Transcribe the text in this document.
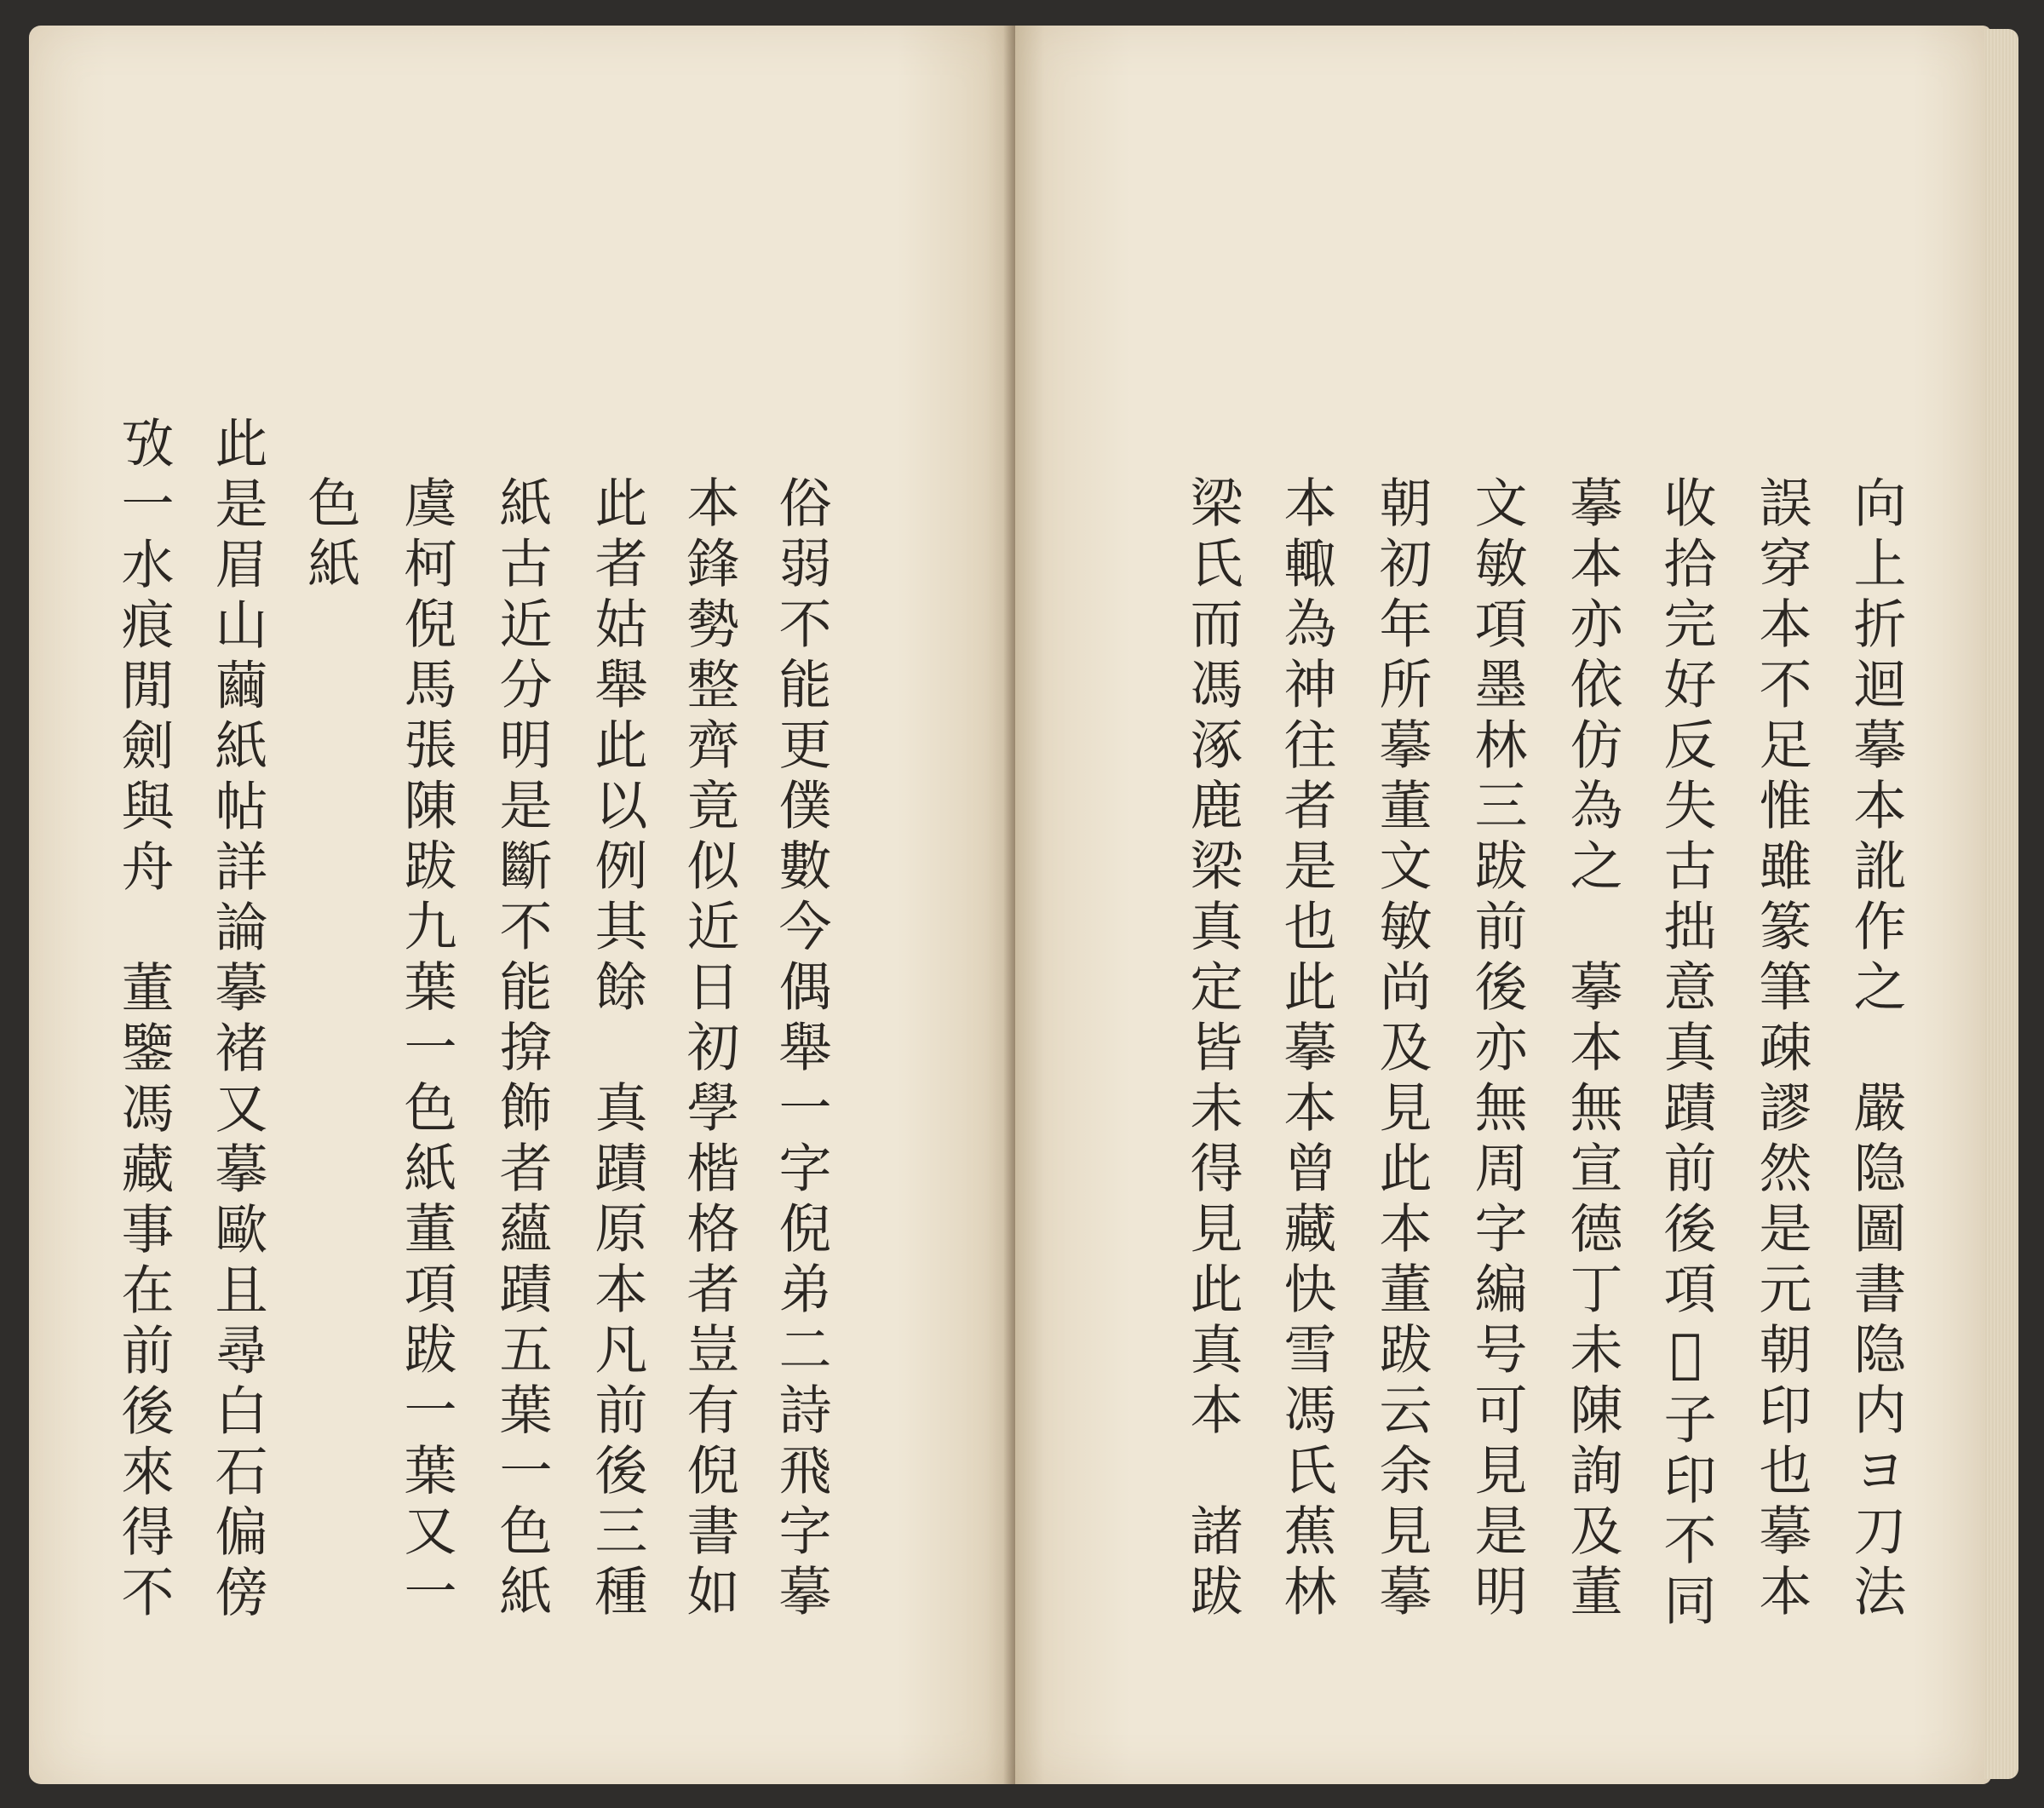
俗弱不能更僕數今偶舉一字倪弟二詩飛字摹
本鋒勢整齊竟似近日初學楷格者豈有倪書如
此者姑舉此以例其餘　真蹟原本凡前後三種
紙古近分明是斷不能揜飾者蘊蹟五葉一色紙
虞柯倪馬張陳跋九葉一色紙董項跋一葉又一
色紙
此是眉山繭紙帖詳論摹褚又摹歐且尋白石偏傍
攷一水痕閒劍與舟　董鑒馮藏事在前後來得不	向上折迴摹本訛作之　嚴隐圖書隐内ヨ刀法
誤穿本不足惟雖篆筆疎謬然是元朝印也摹本
收拾完好反失古拙意真蹟前後項𤓰子印不同
摹本亦依仿為之　摹本無宣德丁未陳詢及董
文敏項墨林三跋前後亦無周字編号可見是明
朝初年所摹董文敏尚及見此本董跋云余見摹
本輙為神往者是也此摹本曾藏快雪馮氏蕉林
梁氏而馮涿鹿梁真定皆未得見此真本　諸跋
